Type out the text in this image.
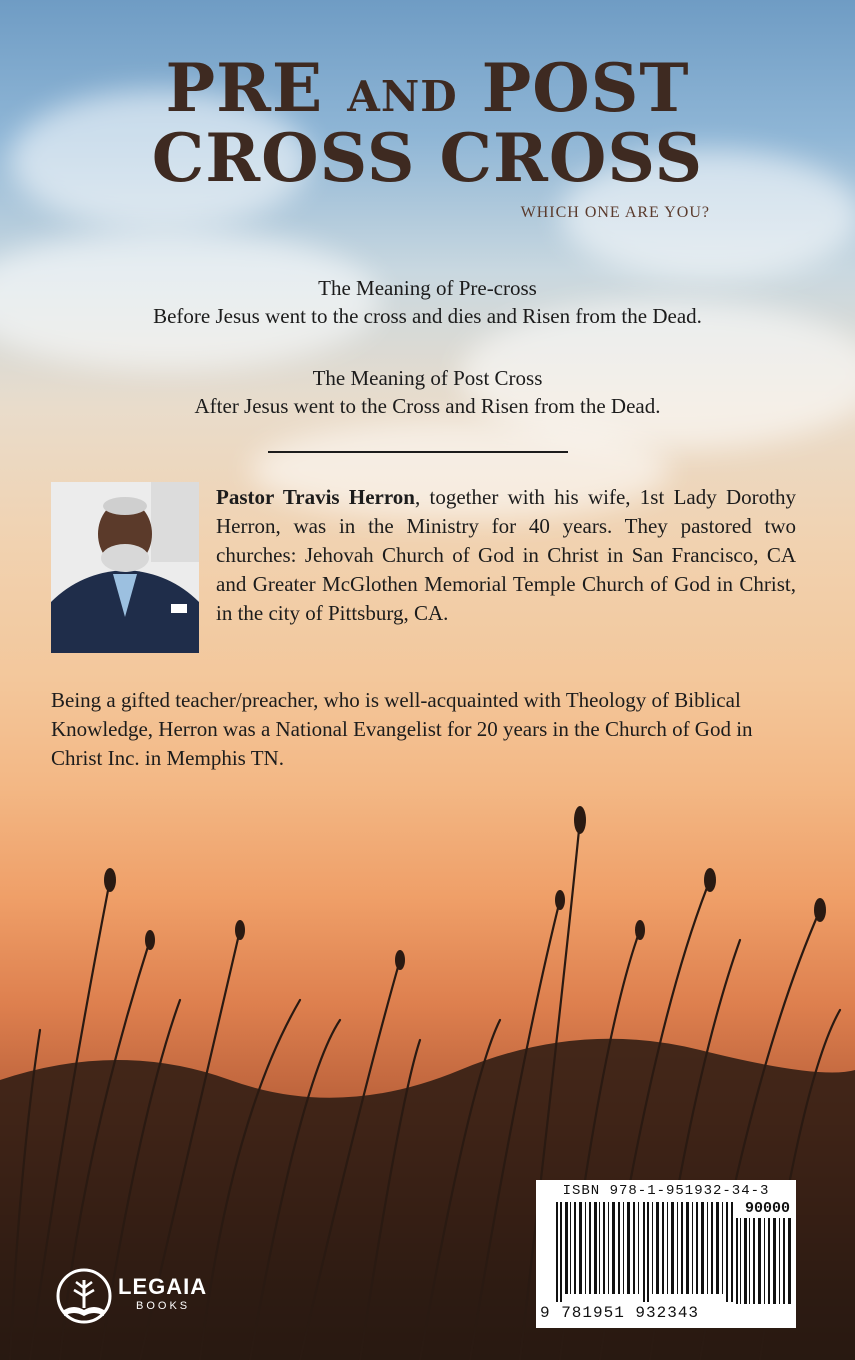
PRE AND POST
CROSS CROSS
WHICH ONE ARE YOU?
The Meaning of Pre-cross
Before Jesus went to the cross and dies and Risen from the Dead.
The Meaning of Post Cross
After Jesus went to the Cross and Risen from the Dead.
Pastor Travis Herron, together with his wife, 1st Lady Dorothy Herron, was in the Ministry for 40 years. They pastored two churches: Jehovah Church of God in Christ in San Francisco, CA and Greater McGlothen Memorial Temple Church of God in Christ, in the city of Pittsburg, CA.
Being a gifted teacher/preacher, who is well-acquainted with Theology of Biblical Knowledge, Herron was a National Evangelist for 20 years in the Church of God in Christ Inc. in Memphis TN.
ISBN 978-1-951932-34-3
90000
9 781951 932343
LEGAIA
BOOKS
